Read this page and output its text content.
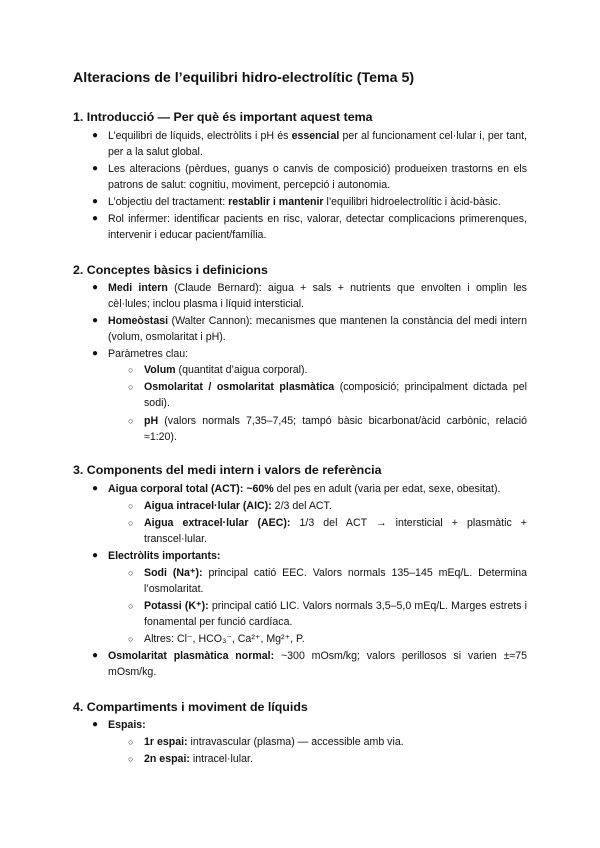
Alteracions de l’equilibri hidro-electrolític (Tema 5)
1. Introducció — Per què és important aquest tema
● L’equilibri de líquids, electròlits i pH és essencial per al funcionament cel·lular i, per tant, per a la salut global.
● Les alteracions (pèrdues, guanys o canvis de composició) produeixen trastorns en els patrons de salut: cognitiu, moviment, percepció i autonomia.
● L’objectiu del tractament: restablir i mantenir l’equilibri hidroelectrolític i àcid-bàsic.
● Rol infermer: identificar pacients en risc, valorar, detectar complicacions primerenques, intervenir i educar pacient/família.
2. Conceptes bàsics i definicions
● Medi intern (Claude Bernard): aigua + sals + nutrients que envolten i omplin les cèl·lules; inclou plasma i líquid intersticial.
● Homeòstasi (Walter Cannon): mecanismes que mantenen la constància del medi intern (volum, osmolaritat i pH).
● Paràmetres clau:
○ Volum (quantitat d’aigua corporal).
○ Osmolaritat / osmolaritat plasmàtica (composició; principalment dictada pel sodi).
○ pH (valors normals 7,35–7,45; tampó bàsic bicarbonat/àcid carbònic, relació ≈1:20).
3. Components del medi intern i valors de referència
● Aigua corporal total (ACT): ~60% del pes en adult (varia per edat, sexe, obesitat).
○ Aigua intracel·lular (AIC): 2/3 del ACT.
○ Aigua extracel·lular (AEC): 1/3 del ACT → intersticial + plasmàtic + transcel·lular.
● Electròlits importants:
○ Sodi (Na⁺): principal catió EEC. Valors normals 135–145 mEq/L. Determina l’osmolaritat.
○ Potassi (K⁺): principal catió LIC. Valors normals 3,5–5,0 mEq/L. Marges estrets i fonamental per funció cardíaca.
○ Altres: Cl⁻, HCO₃⁻, Ca²⁺, Mg²⁺, P.
● Osmolaritat plasmàtica normal: ~300 mOsm/kg; valors perillosos si varien ±≈75 mOsm/kg.
4. Compartiments i moviment de líquids
● Espais:
○ 1r espai: intravascular (plasma) — accessible amb via.
○ 2n espai: intracel·lular.
